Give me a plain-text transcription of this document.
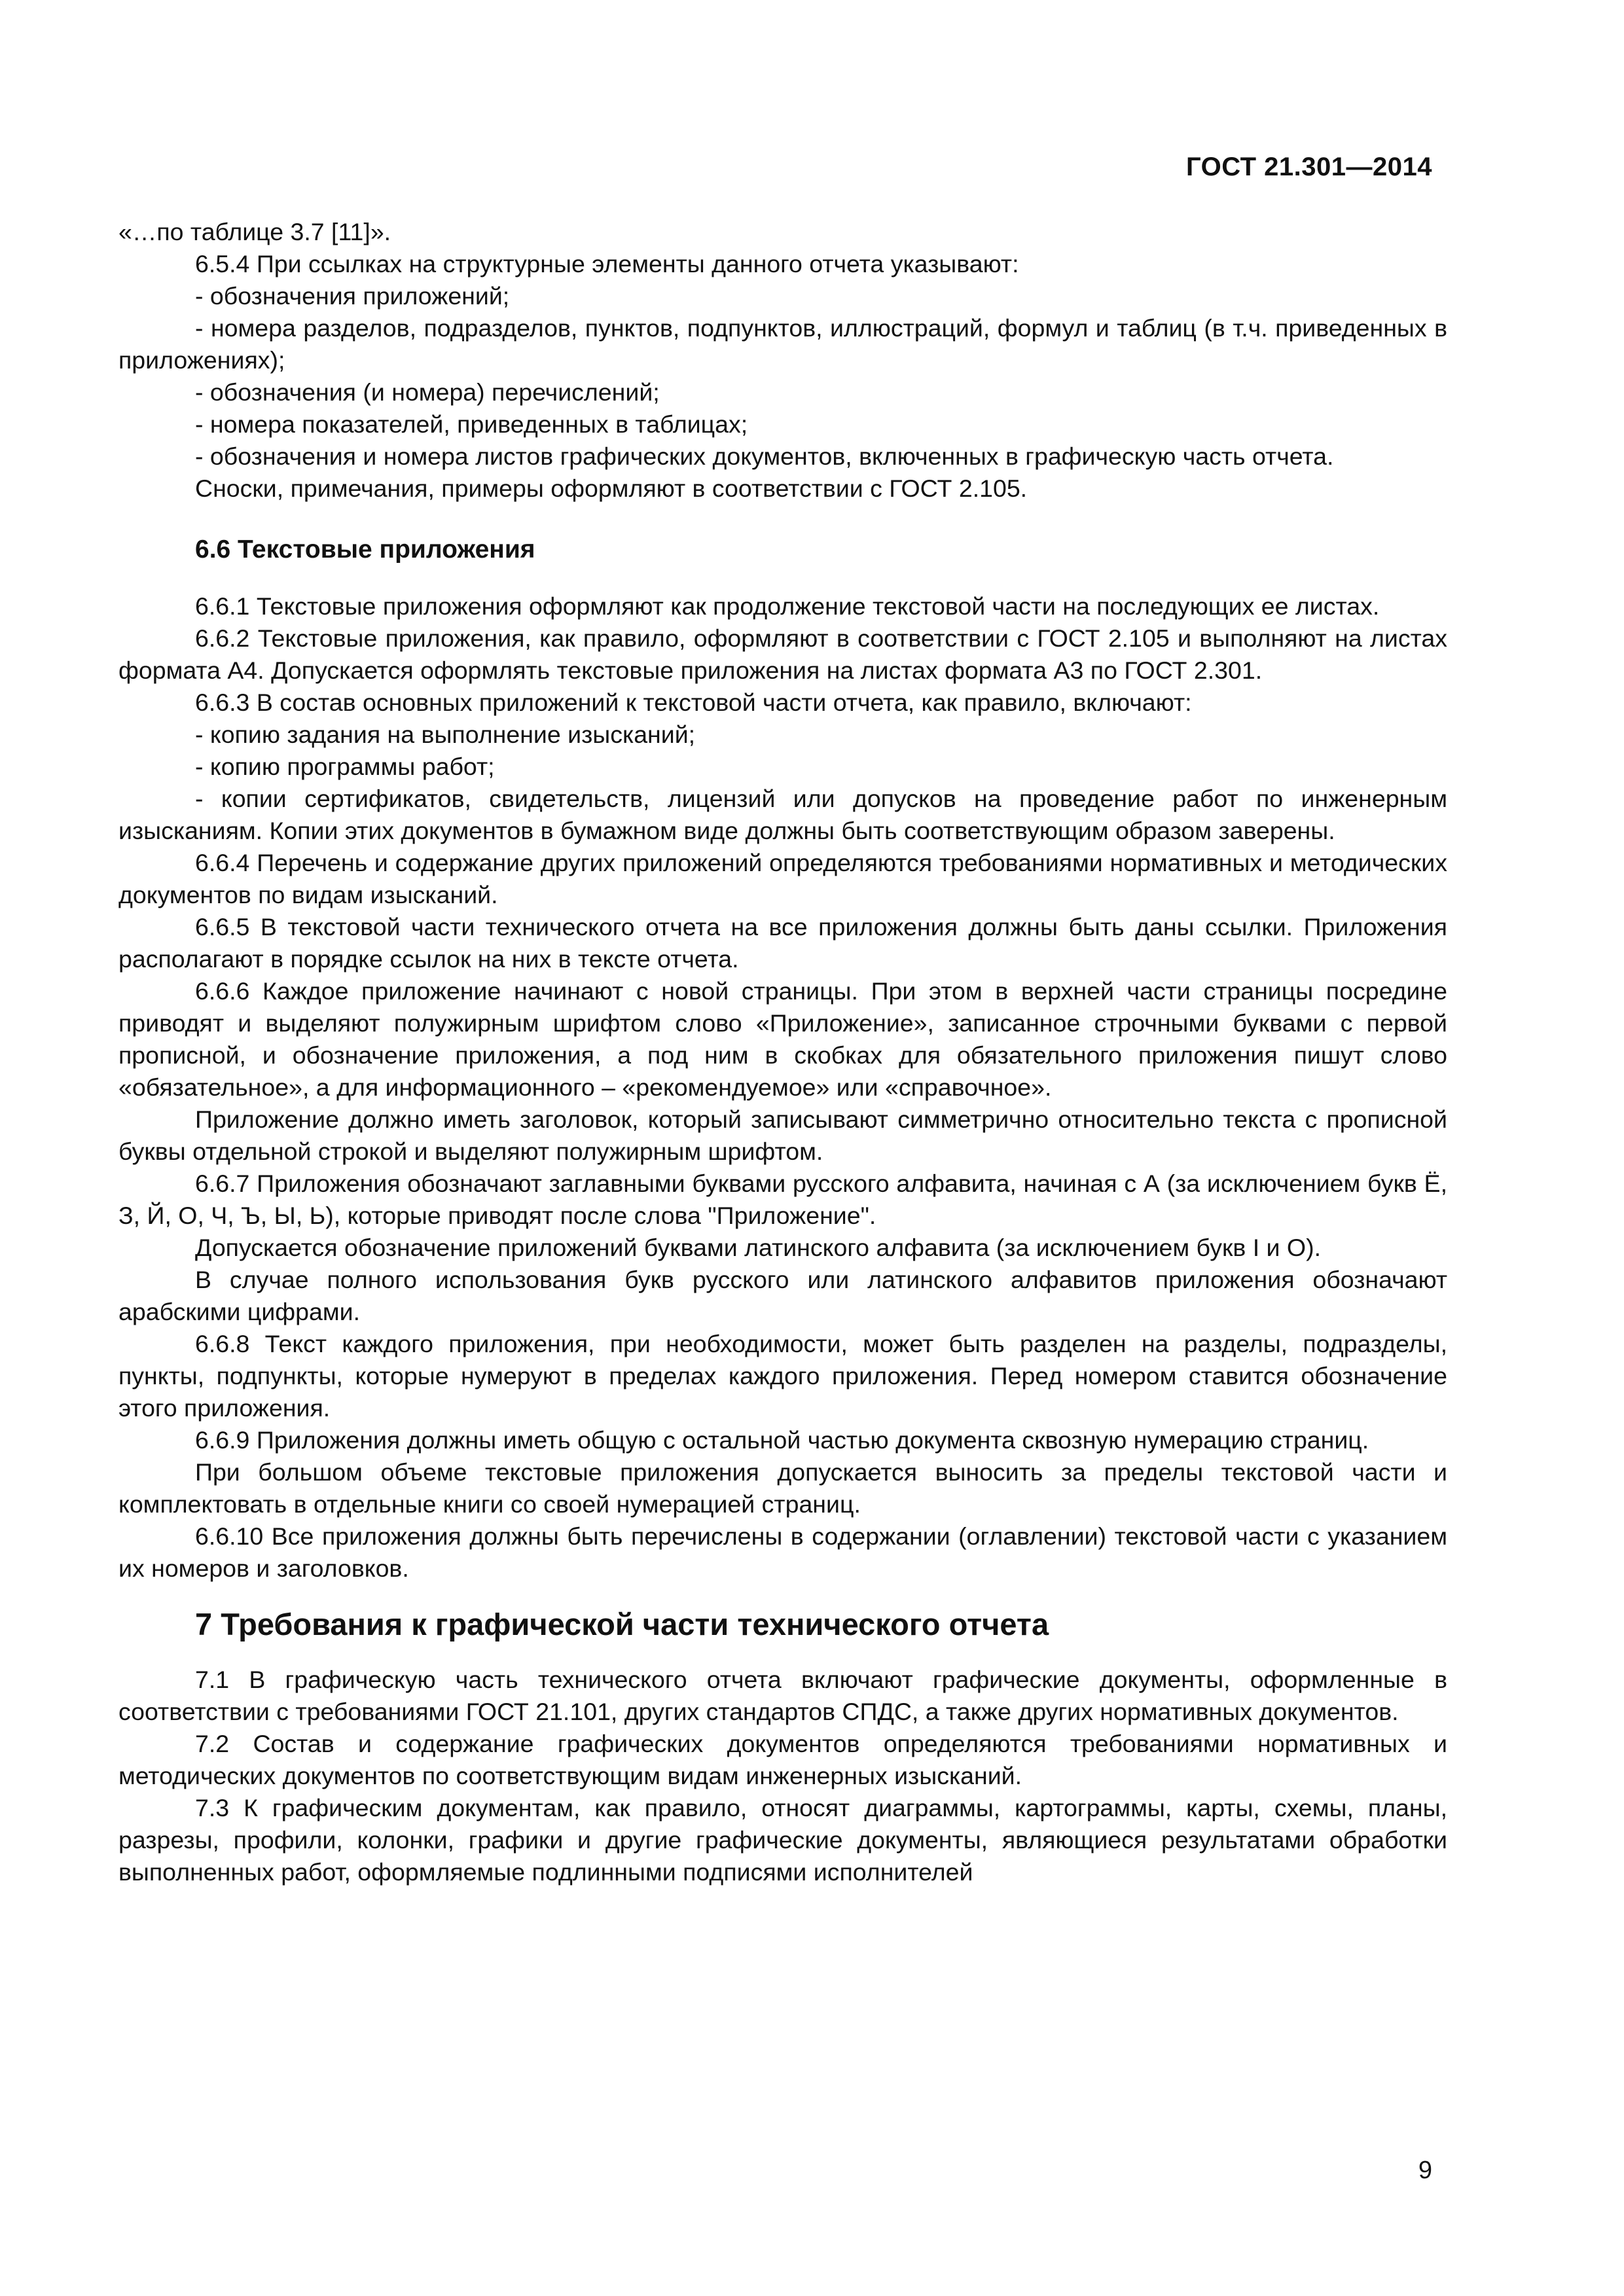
ГОСТ 21.301—2014

«…по таблице 3.7 [11]».

6.5.4 При ссылках на структурные элементы данного отчета указывают:

- обозначения приложений;

- номера разделов, подразделов, пунктов, подпунктов, иллюстраций, формул и таблиц (в т.ч. приведенных в приложениях);

- обозначения (и номера) перечислений;

- номера показателей, приведенных в таблицах;

- обозначения и номера листов графических документов, включенных в графическую часть отчета.

Сноски, примечания, примеры оформляют в соответствии с ГОСТ 2.105.

6.6 Текстовые приложения

6.6.1 Текстовые приложения оформляют как продолжение текстовой части на последующих ее листах.

6.6.2 Текстовые приложения, как правило, оформляют в соответствии с ГОСТ 2.105 и выполняют на листах формата А4. Допускается оформлять текстовые приложения на листах формата А3 по ГОСТ 2.301.

6.6.3 В состав основных приложений к текстовой части отчета, как правило, включают:

- копию задания на выполнение изысканий;

- копию программы работ;

- копии сертификатов, свидетельств, лицензий или допусков на проведение работ по инженерным изысканиям. Копии этих документов в бумажном виде должны быть соответствующим образом заверены.

6.6.4 Перечень и содержание других приложений определяются требованиями нормативных и методических документов по видам изысканий.

6.6.5 В текстовой части технического отчета на все приложения должны быть даны ссылки. Приложения располагают в порядке ссылок на них в тексте отчета.

6.6.6 Каждое приложение начинают с новой страницы. При этом в верхней части страницы посредине приводят и выделяют полужирным шрифтом слово «Приложение», записанное строчными буквами с первой прописной, и обозначение приложения, а под ним в скобках для обязательного приложения пишут слово «обязательное», а для информационного – «рекомендуемое» или «справочное».

Приложение должно иметь заголовок, который записывают симметрично относительно текста с прописной буквы отдельной строкой и выделяют полужирным шрифтом.

6.6.7 Приложения обозначают заглавными буквами русского алфавита, начиная с А (за исключением букв Ё, З, Й, О, Ч, Ъ, Ы, Ь), которые приводят после слова "Приложение".

Допускается обозначение приложений буквами латинского алфавита (за исключением букв I и O).

В случае полного использования букв русского или латинского алфавитов приложения обозначают арабскими цифрами.

6.6.8 Текст каждого приложения, при необходимости, может быть разделен на разделы, подразделы, пункты, подпункты, которые нумеруют в пределах каждого приложения. Перед номером ставится обозначение этого приложения.

6.6.9 Приложения должны иметь общую с остальной частью документа сквозную нумерацию страниц.

При большом объеме текстовые приложения допускается выносить за пределы текстовой части и комплектовать в отдельные книги со своей нумерацией страниц.

6.6.10 Все приложения должны быть перечислены в содержании (оглавлении) текстовой части с указанием их номеров и заголовков.

7 Требования к графической части технического отчета

7.1 В графическую часть технического отчета включают графические документы, оформленные в соответствии с требованиями ГОСТ 21.101, других стандартов СПДС, а также других нормативных документов.

7.2 Состав и содержание графических документов определяются требованиями нормативных и методических документов по соответствующим видам инженерных изысканий.

7.3 К графическим документам, как правило, относят диаграммы, картограммы, карты, схемы, планы, разрезы, профили, колонки, графики и другие графические документы, являющиеся результатами обработки выполненных работ, оформляемые подлинными подписями исполнителей

9
